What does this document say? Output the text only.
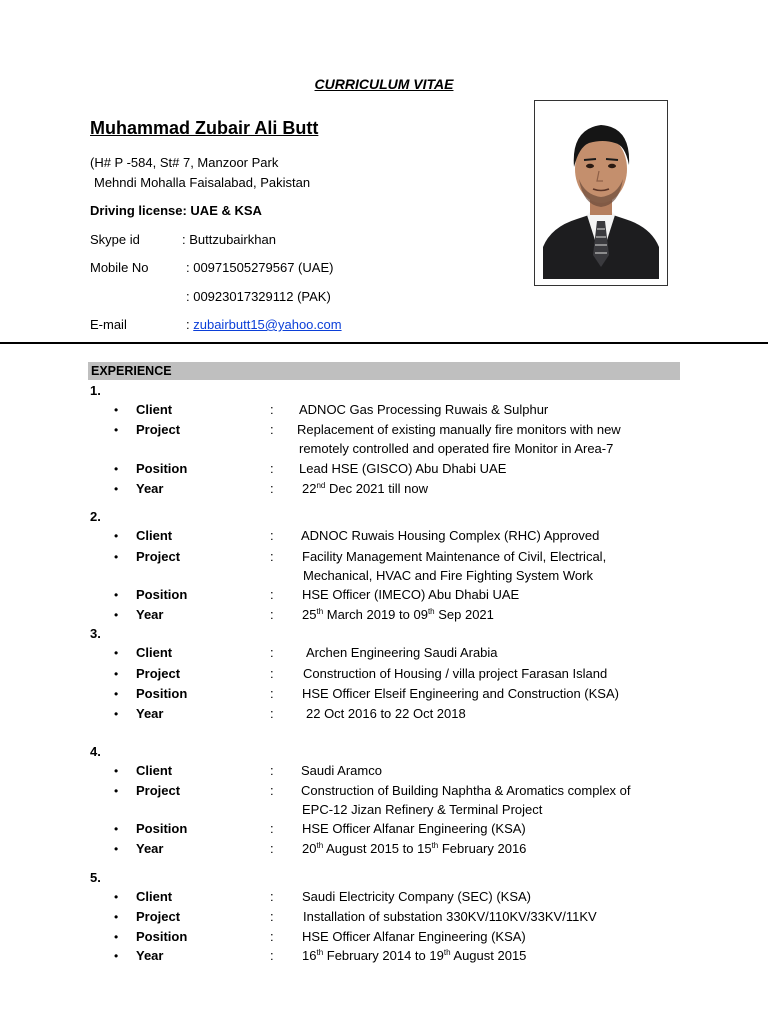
CURRICULUM VITAE
Muhammad Zubair Ali Butt
(H# P -584, St# 7, Manzoor Park
Mehndi Mohalla Faisalabad, Pakistan
Driving license: UAE & KSA
Skype id	: Buttzubairkhan
Mobile No	: 00971505279567 (UAE)
: 00923017329112 (PAK)
E-mail	: zubairbutt15@yahoo.com
EXPERIENCE
1.
• Client	: ADNOC Gas Processing Ruwais & Sulphur
• Project	: Replacement of existing manually fire monitors with new
remotely controlled and operated fire Monitor in Area-7
• Position	: Lead HSE (GISCO) Abu Dhabi UAE
• Year	: 22nd Dec 2021 till now
2.
• Client	: ADNOC Ruwais Housing Complex (RHC) Approved
• Project	: Facility Management Maintenance of Civil, Electrical,
Mechanical, HVAC and Fire Fighting System Work
• Position	: HSE Officer (IMECO) Abu Dhabi UAE
• Year	: 25th March 2019 to 09th Sep 2021
3.
• Client	: Archen Engineering Saudi Arabia
• Project	: Construction of Housing / villa project Farasan Island
• Position	: HSE Officer Elseif Engineering and Construction (KSA)
• Year	: 22 Oct 2016 to 22 Oct 2018
4.
• Client	: Saudi Aramco
• Project	: Construction of Building Naphtha & Aromatics complex of
EPC-12 Jizan Refinery & Terminal Project
• Position	: HSE Officer Alfanar Engineering (KSA)
• Year	: 20th August 2015 to 15th February 2016
5.
• Client	: Saudi Electricity Company (SEC) (KSA)
• Project	: Installation of substation 330KV/110KV/33KV/11KV
• Position	: HSE Officer Alfanar Engineering (KSA)
• Year	: 16th February 2014 to 19th August 2015
